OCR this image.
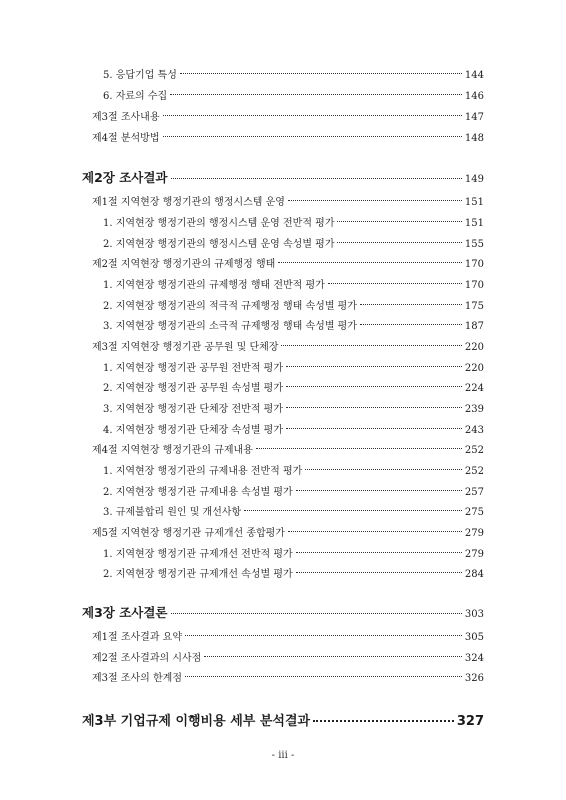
5. 응답기업 특성	144
6. 자료의 수집	146
제3절 조사내용	147
제4절 분석방법	148
제2장 조사결과	149
제1절 지역현장 행정기관의 행정시스템 운영	151
1. 지역현장 행정기관의 행정시스템 운영 전반적 평가	151
2. 지역현장 행정기관의 행정시스템 운영 속성별 평가	155
제2절 지역현장 행정기관의 규제행정 행태	170
1. 지역현장 행정기관의 규제행정 행태 전반적 평가	170
2. 지역현장 행정기관의 적극적 규제행정 행태 속성별 평가	175
3. 지역현장 행정기관의 소극적 규제행정 행태 속성별 평가	187
제3절 지역현장 행정기관 공무원 및 단체장	220
1. 지역현장 행정기관 공무원 전반적 평가	220
2. 지역현장 행정기관 공무원 속성별 평가	224
3. 지역현장 행정기관 단체장 전반적 평가	239
4. 지역현장 행정기관 단체장 속성별 평가	243
제4절 지역현장 행정기관의 규제내용	252
1. 지역현장 행정기관의 규제내용 전반적 평가	252
2. 지역현장 행정기관 규제내용 속성별 평가	257
3. 규제불합리 원인 및 개선사항	275
제5절 지역현장 행정기관 규제개선 종합평가	279
1. 지역현장 행정기관 규제개선 전반적 평가	279
2. 지역현장 행정기관 규제개선 속성별 평가	284
제3장 조사결론	303
제1절 조사결과 요약	305
제2절 조사결과의 시사점	324
제3절 조사의 한계점	326
제3부 기업규제 이행비용 세부 분석결과	327
- iii -
